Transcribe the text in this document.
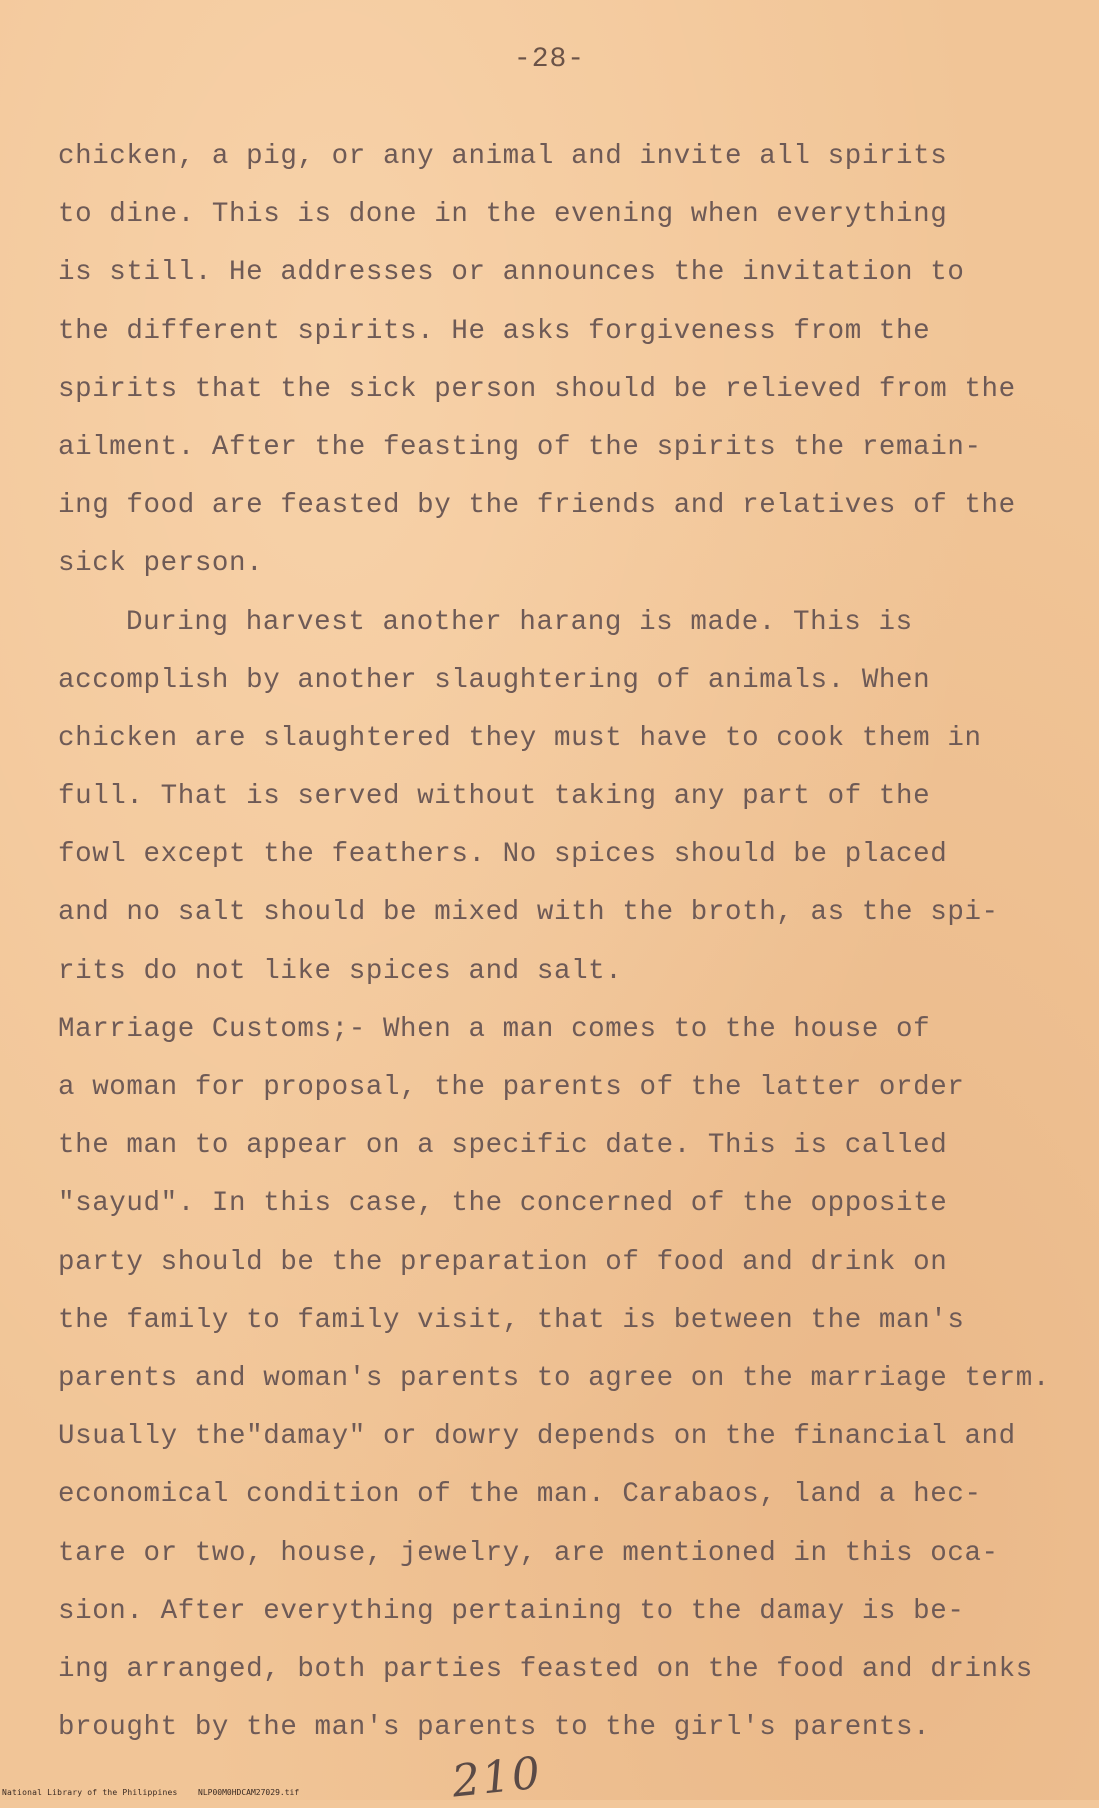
-28-
chicken, a pig, or any animal and invite all spirits
to dine. This is done in the evening when everything
is still. He addresses or announces the invitation to
the different spirits. He asks forgiveness from the
spirits that the sick person should be relieved from the
ailment. After the feasting of the spirits the remain-
ing food are feasted by the friends and relatives of the
sick person.
During harvest another harang is made. This is
accomplish by another slaughtering of animals. When
chicken are slaughtered they must have to cook them in
full. That is served without taking any part of the
fowl except the feathers. No spices should be placed
and no salt should be mixed with the broth, as the spi-
rits do not like spices and salt.
Marriage Customs;- When a man comes to the house of
a woman for proposal, the parents of the latter order
the man to appear on a specific date. This is called
"sayud". In this case, the concerned of the opposite
party should be the preparation of food and drink on
the family to family visit, that is between the man's
parents and woman's parents to agree on the marriage term.
Usually the"damay" or dowry depends on the financial and
economical condition of the man. Carabaos, land a hec-
tare or two, house, jewelry, are mentioned in this oca-
sion. After everything pertaining to the damay is be-
ing arranged, both parties feasted on the food and drinks
brought by the man's parents to the girl's parents.
210
National Library of the Philippines	NLP00M0HDCAM27029.tif
